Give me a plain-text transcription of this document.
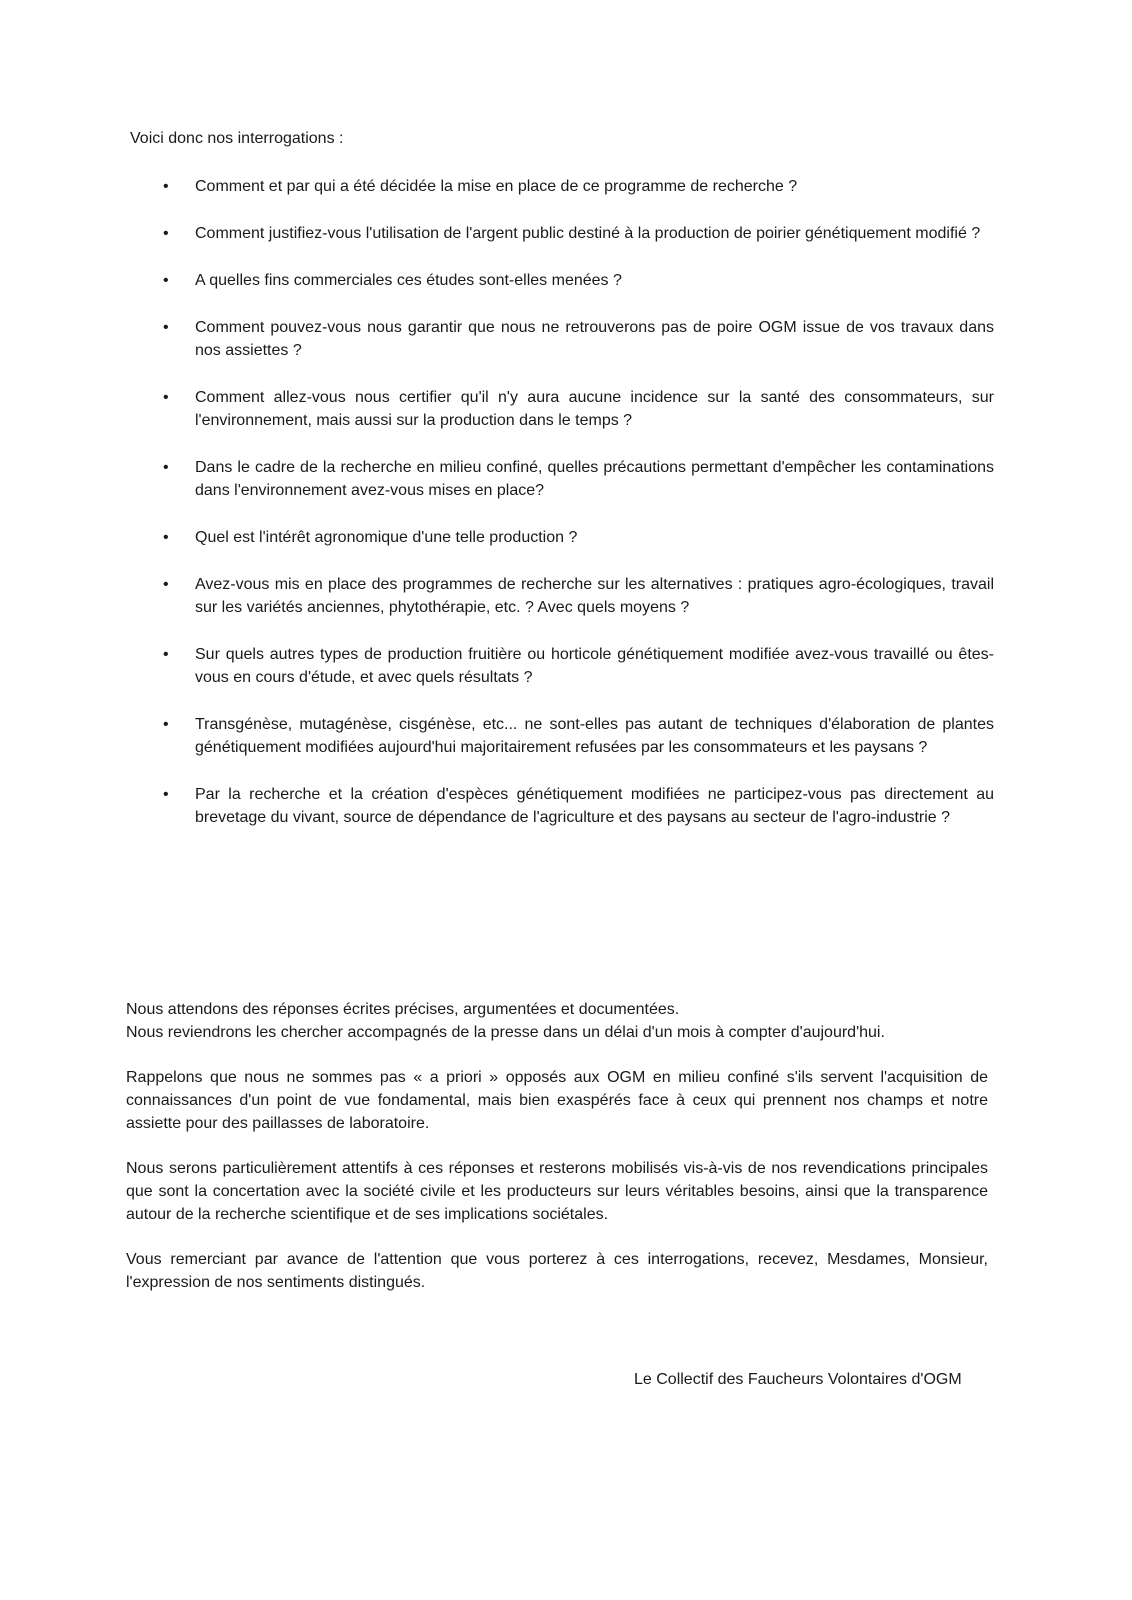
Voici donc nos interrogations :

• Comment et par qui a été décidée la mise en place de ce programme de recherche ?
• Comment justifiez-vous l'utilisation de l'argent public destiné à la production de poirier génétiquement modifié ?
• A quelles fins commerciales ces études sont-elles menées ?
• Comment pouvez-vous nous garantir que nous ne retrouverons pas de poire OGM issue de vos travaux dans nos assiettes ?
• Comment allez-vous nous certifier qu'il n'y aura aucune incidence sur la santé des consommateurs, sur l'environnement, mais aussi sur la production dans le temps ?
• Dans le cadre de la recherche en milieu confiné, quelles précautions permettant d'empêcher les contaminations dans l'environnement avez-vous mises en place?
• Quel est l'intérêt agronomique d'une telle production ?
• Avez-vous mis en place des programmes de recherche sur les alternatives : pratiques agro-écologiques, travail sur les variétés anciennes, phytothérapie, etc. ? Avec quels moyens ?
• Sur quels autres types de production fruitière ou horticole génétiquement modifiée avez-vous travaillé ou êtes-vous en cours d'étude, et avec quels résultats ?
• Transgénèse, mutagénèse, cisgénèse, etc... ne sont-elles pas autant de techniques d'élaboration de plantes génétiquement modifiées aujourd'hui majoritairement refusées par les consommateurs et les paysans ?
• Par la recherche et la création d'espèces génétiquement modifiées ne participez-vous pas directement au brevetage du vivant, source de dépendance de l'agriculture et des paysans au secteur de l'agro-industrie ?

Nous attendons des réponses écrites précises, argumentées et documentées.
Nous reviendrons les chercher accompagnés de la presse dans un délai d'un mois à compter d'aujourd'hui.

Rappelons que nous ne sommes pas « a priori » opposés aux OGM en milieu confiné s'ils servent l'acquisition de connaissances d'un point de vue fondamental, mais bien exaspérés face à ceux qui prennent nos champs et notre assiette pour des paillasses de laboratoire.

Nous serons particulièrement attentifs à ces réponses et resterons mobilisés vis-à-vis de nos revendications principales que sont la concertation avec la société civile et les producteurs sur leurs véritables besoins, ainsi que la transparence autour de la recherche scientifique et de ses implications sociétales.

Vous remerciant par avance de l'attention que vous porterez à ces interrogations, recevez, Mesdames, Monsieur, l'expression de nos sentiments distingués.

Le Collectif des Faucheurs Volontaires d'OGM
